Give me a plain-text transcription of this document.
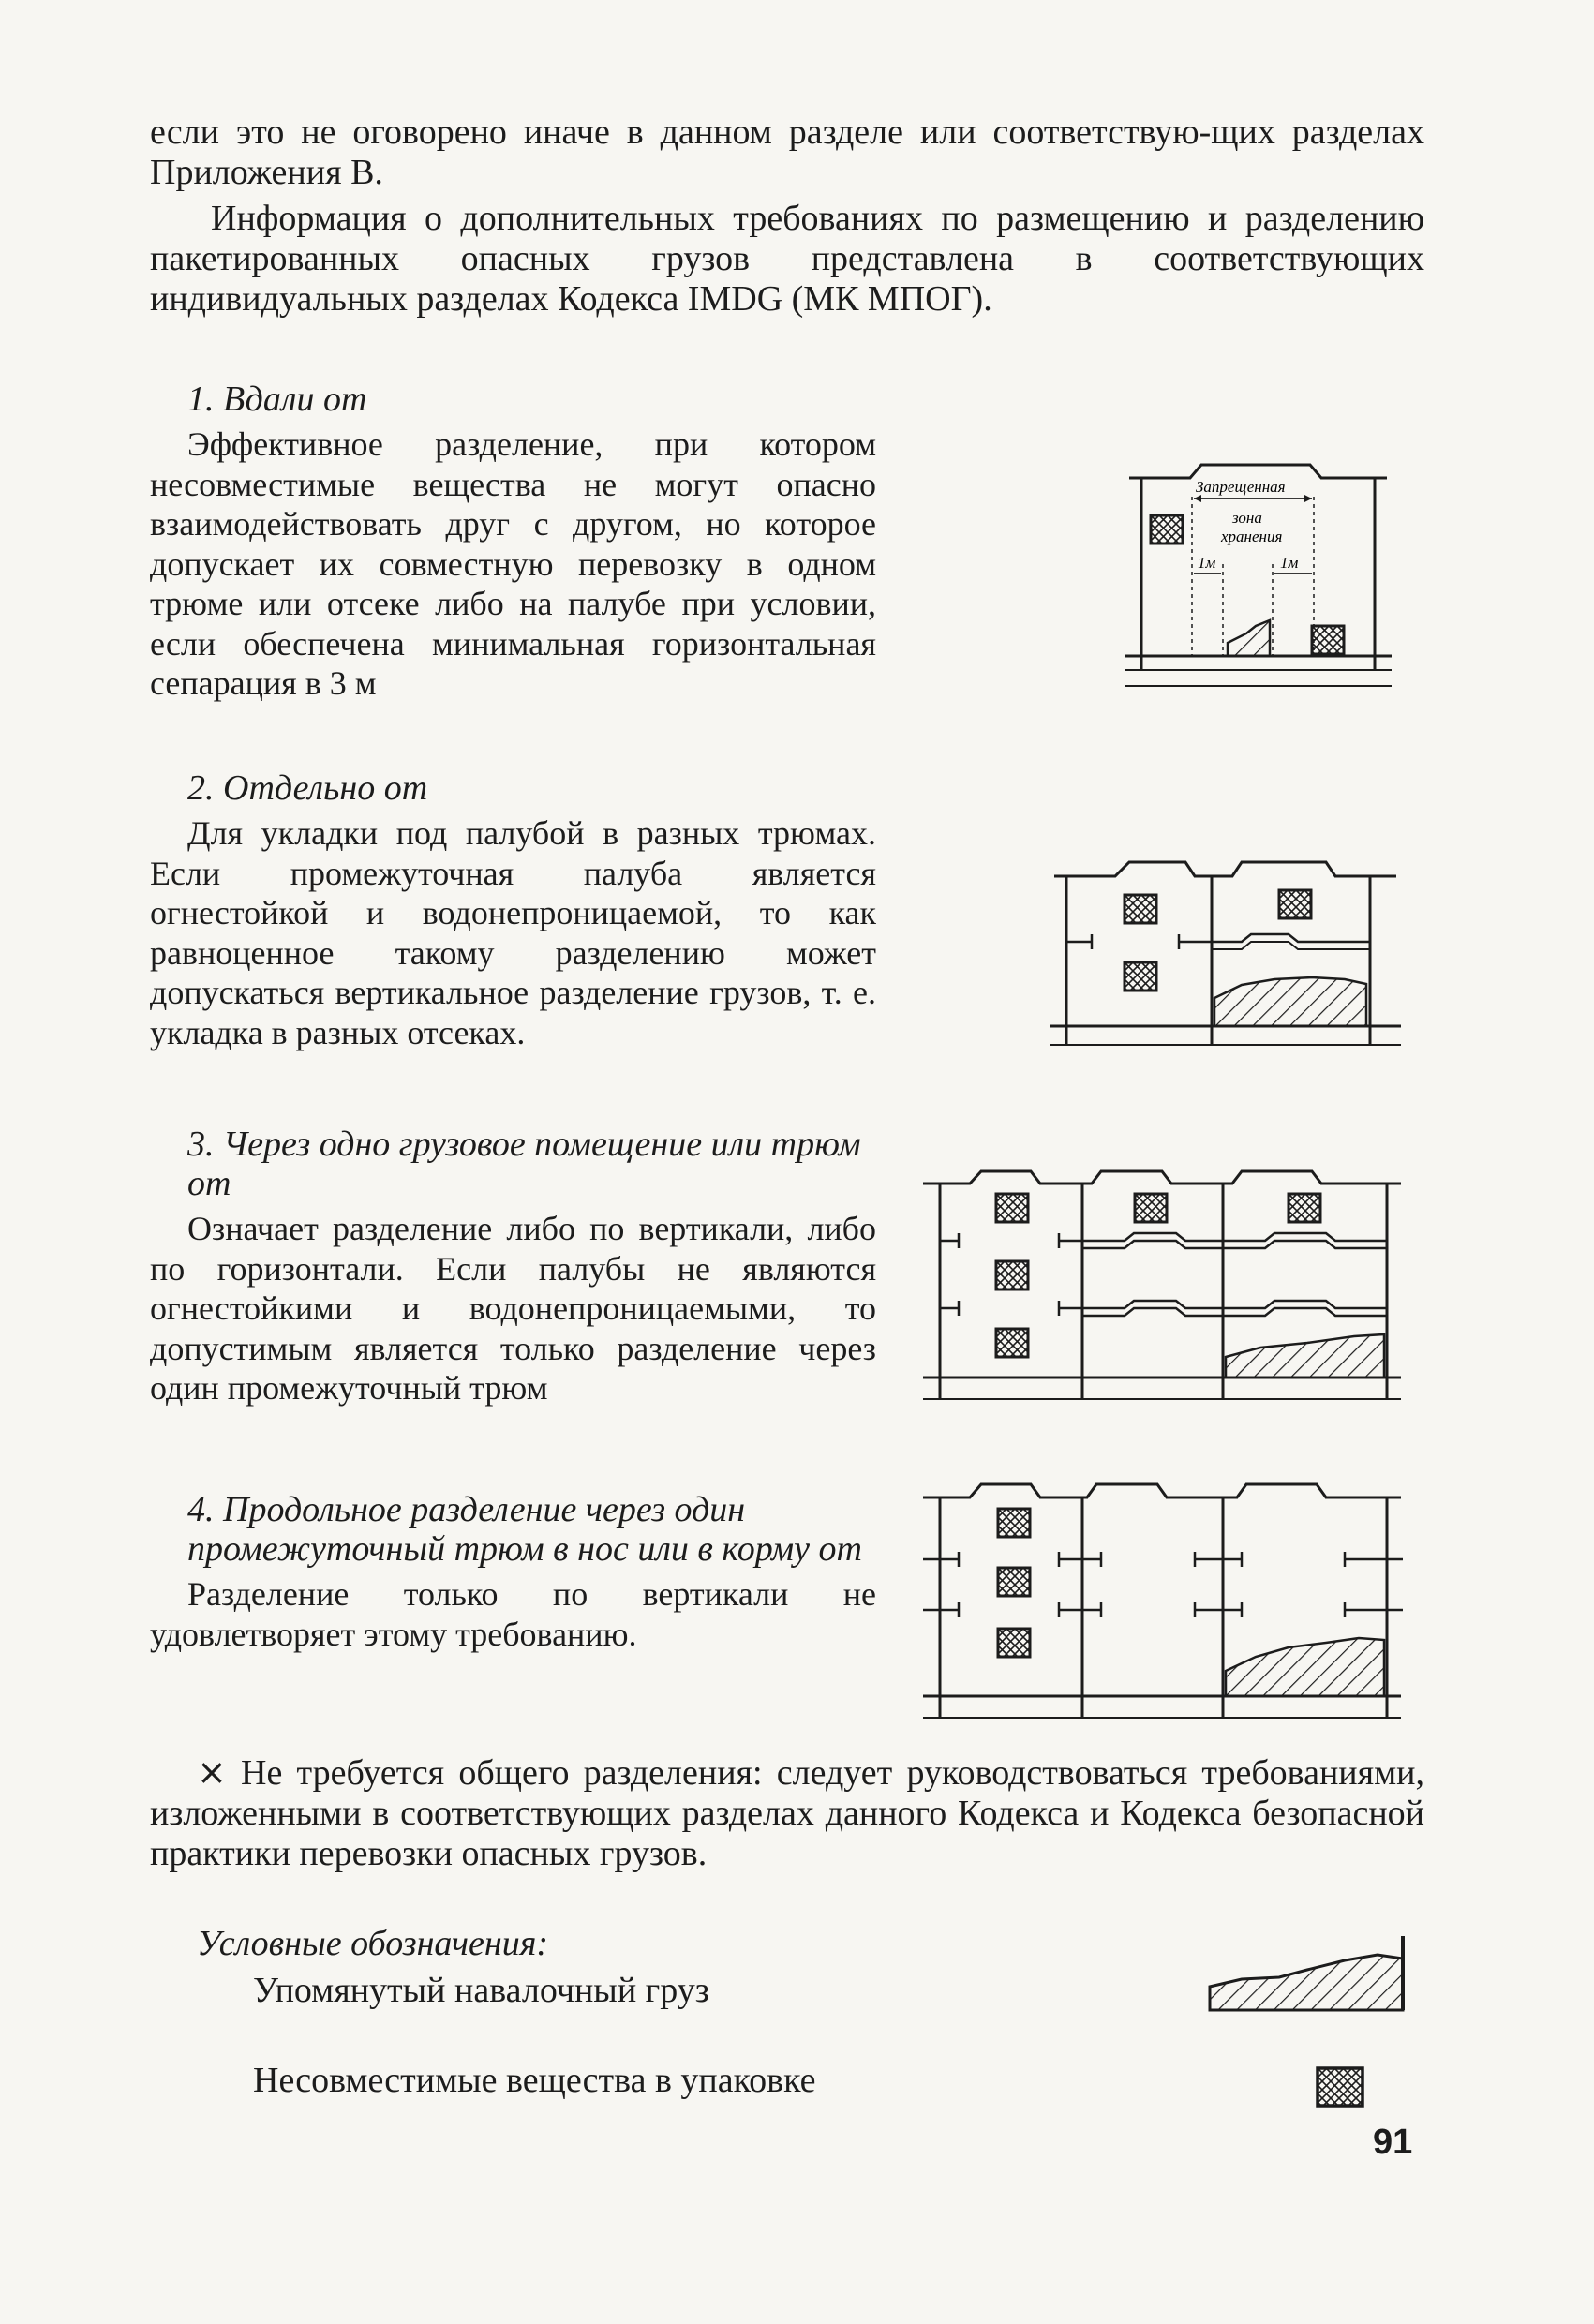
если это не оговорено иначе в данном разделе или соответствую-щих разделах Приложения В.

Информация о дополнительных требованиях по размещению и разделению пакетированных опасных грузов представлена в соответствующих индивидуальных разделах Кодекса IMDG (МК МПОГ).

1. Вдали от

Эффективное разделение, при котором несовместимые вещества не могут опасно взаимодействовать друг с другом, но которое допускает их совместную перевозку в одном трюме или отсеке либо на палубе при условии, если обеспечена минимальная горизонтальная сепарация в 3 м

Запрещенная
зона
хранения
1м	1м

2. Отдельно от

Для укладки под палубой в разных трюмах. Если промежуточная палуба является огнестойкой и водонепроницаемой, то как равноценное такому разделению может допускаться вертикальное разделение грузов, т. е. укладка в разных отсеках.

3. Через одно грузовое помещение или трюм от

Означает разделение либо по вертикали, либо по горизонтали. Если палубы не являются огнестойкими и водонепроницаемыми, то допустимым является только разделение через один промежуточный трюм

4. Продольное разделение через один промежуточный трюм в нос или в корму от

Разделение только по вертикали не удовлетворяет этому требованию.

× Не требуется общего разделения: следует руководствоваться требованиями, изложенными в соответствующих разделах данного Кодекса и Кодекса безопасной практики перевозки опасных грузов.

Условные обозначения:

Упомянутый навалочный груз

Несовместимые вещества в упаковке

91
